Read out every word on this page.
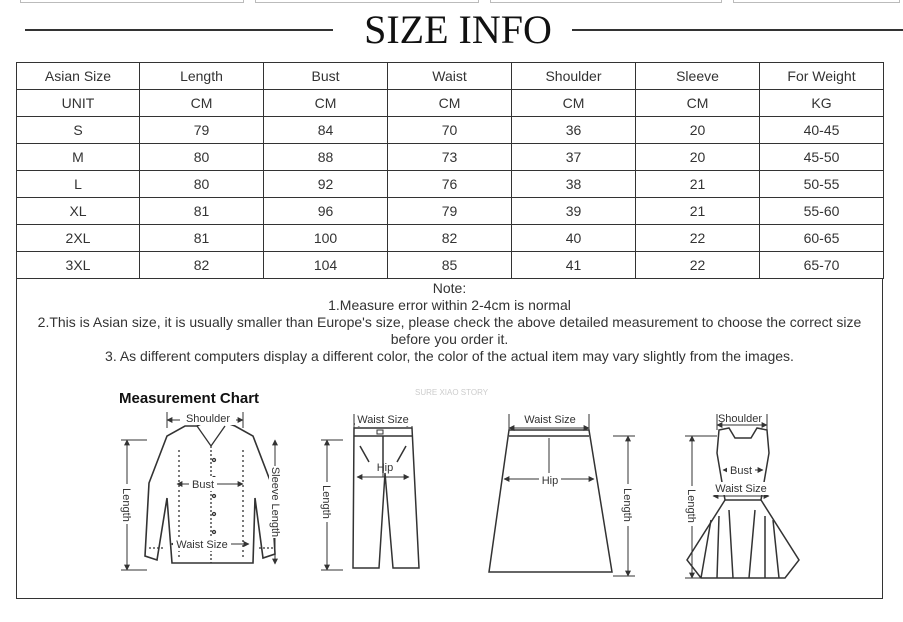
SIZE INFO
Asian Size	Length	Bust	Waist	Shoulder	Sleeve	For Weight
UNIT	CM	CM	CM	CM	CM	KG
S	79	84	70	36	20	40-45
M	80	88	73	37	20	45-50
L	80	92	76	38	21	50-55
XL	81	96	79	39	21	55-60
2XL	81	100	82	40	22	60-65
3XL	82	104	85	41	22	65-70
Note:
1.Measure error within 2-4cm is normal
2.This is Asian size, it is usually smaller than Europe's size, please check the above detailed measurement to choose the correct size before you order it.
3. As different computers display a different color, the color of the actual item may vary slightly from the images.
Measurement Chart	SURE XIAO STORY
Shoulder
Bust
Waist Size
Sleeve Length
Length
Waist Size
Hip
Length
Waist Size
Hip
Length
Shoulder
Bust
Waist Size
Length
